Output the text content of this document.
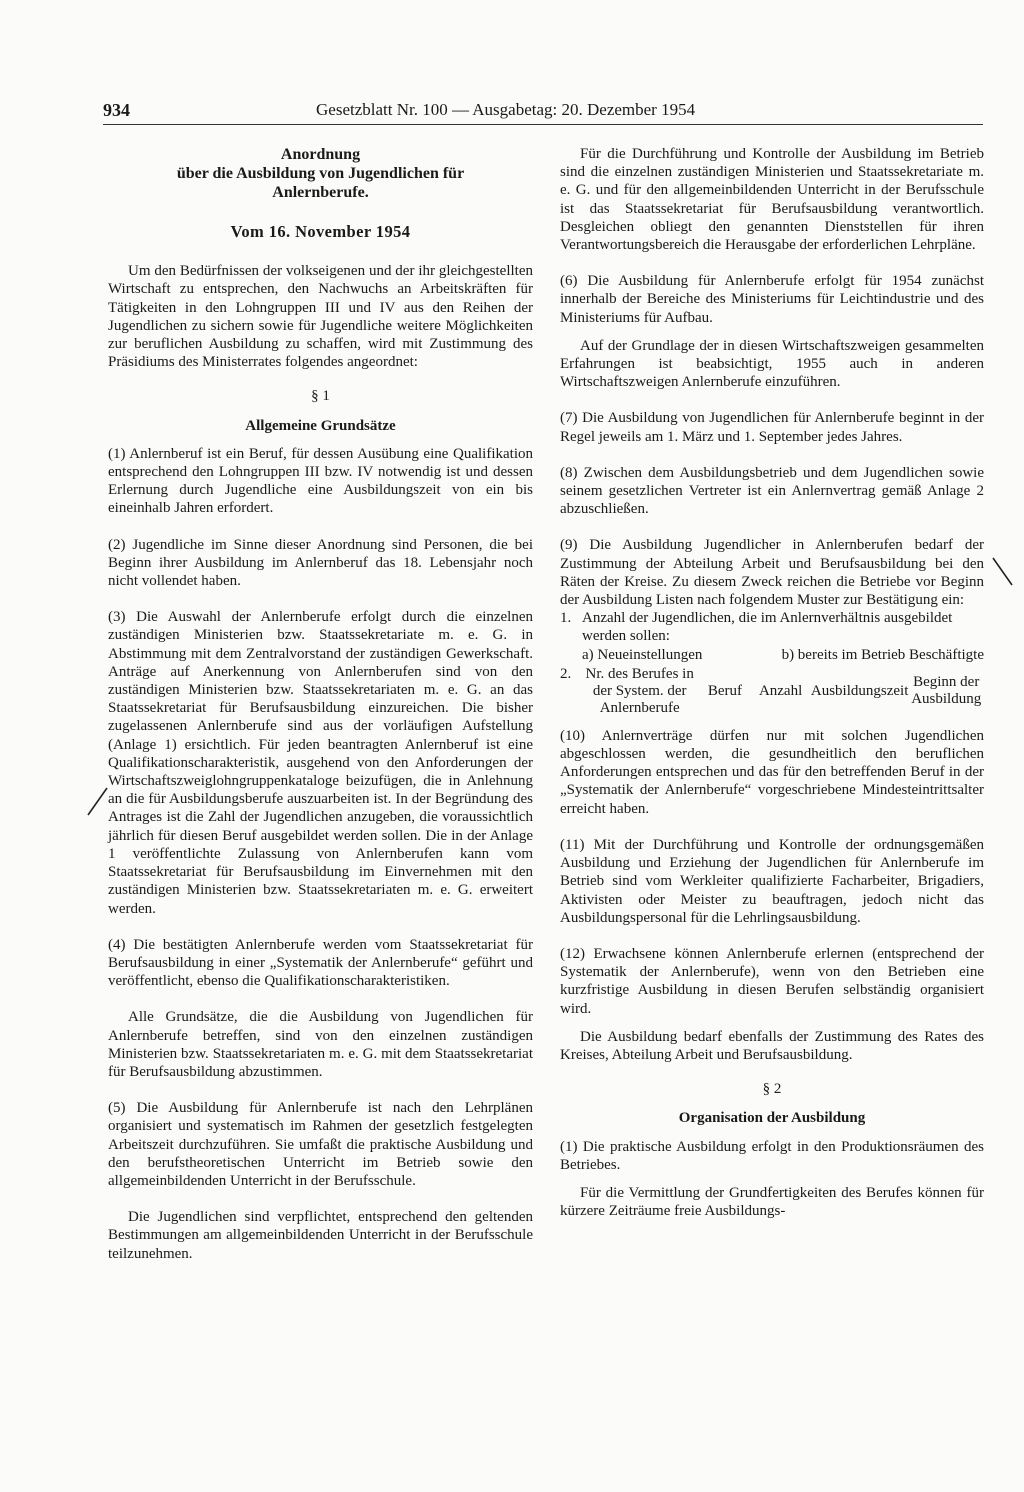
934	Gesetzblatt Nr. 100 — Ausgabetag: 20. Dezember 1954
Anordnung
über die Ausbildung von Jugendlichen für
Anlernberufe.
Vom 16. November 1954

Um den Bedürfnissen der volkseigenen und der ihr gleichgestellten Wirtschaft zu entsprechen, den Nachwuchs an Arbeitskräften für Tätigkeiten in den Lohngruppen III und IV aus den Reihen der Jugendlichen zu sichern sowie für Jugendliche weitere Möglichkeiten zur beruflichen Ausbildung zu schaffen, wird mit Zustimmung des Präsidiums des Ministerrates folgendes angeordnet:

§ 1
Allgemeine Grundsätze

(1) Anlernberuf ist ein Beruf, für dessen Ausübung eine Qualifikation entsprechend den Lohngruppen III bzw. IV notwendig ist und dessen Erlernung durch Jugendliche eine Ausbildungszeit von ein bis eineinhalb Jahren erfordert.

(2) Jugendliche im Sinne dieser Anordnung sind Personen, die bei Beginn ihrer Ausbildung im Anlernberuf das 18. Lebensjahr noch nicht vollendet haben.

(3) Die Auswahl der Anlernberufe erfolgt durch die einzelnen zuständigen Ministerien bzw. Staatssekretariate m. e. G. in Abstimmung mit dem Zentralvorstand der zuständigen Gewerkschaft. Anträge auf Anerkennung von Anlernberufen sind von den zuständigen Ministerien bzw. Staatssekretariaten m. e. G. an das Staatssekretariat für Berufsausbildung einzureichen. Die bisher zugelassenen Anlernberufe sind aus der vorläufigen Aufstellung (Anlage 1) ersichtlich. Für jeden beantragten Anlernberuf ist eine Qualifikationscharakteristik, ausgehend von den Anforderungen der Wirtschaftszweiglohngruppenkataloge beizufügen, die in Anlehnung an die für Ausbildungsberufe auszuarbeiten ist. In der Begründung des Antrages ist die Zahl der Jugendlichen anzugeben, die voraussichtlich jährlich für diesen Beruf ausgebildet werden sollen. Die in der Anlage 1 veröffentlichte Zulassung von Anlernberufen kann vom Staatssekretariat für Berufsausbildung im Einvernehmen mit den zuständigen Ministerien bzw. Staatssekretariaten m. e. G. erweitert werden.

(4) Die bestätigten Anlernberufe werden vom Staatssekretariat für Berufsausbildung in einer „Systematik der Anlernberufe“ geführt und veröffentlicht, ebenso die Qualifikationscharakteristiken.

Alle Grundsätze, die die Ausbildung von Jugendlichen für Anlernberufe betreffen, sind von den einzelnen zuständigen Ministerien bzw. Staatssekretariaten m. e. G. mit dem Staatssekretariat für Berufsausbildung abzustimmen.

(5) Die Ausbildung für Anlernberufe ist nach den Lehrplänen organisiert und systematisch im Rahmen der gesetzlich festgelegten Arbeitszeit durchzuführen. Sie umfaßt die praktische Ausbildung und den berufstheoretischen Unterricht im Betrieb sowie den allgemeinbildenden Unterricht in der Berufsschule.

Die Jugendlichen sind verpflichtet, entsprechend den geltenden Bestimmungen am allgemeinbildenden Unterricht in der Berufsschule teilzunehmen.

Für die Durchführung und Kontrolle der Ausbildung im Betrieb sind die einzelnen zuständigen Ministerien und Staatssekretariate m. e. G. und für den allgemeinbildenden Unterricht in der Berufsschule ist das Staatssekretariat für Berufsausbildung verantwortlich. Desgleichen obliegt den genannten Dienststellen für ihren Verantwortungsbereich die Herausgabe der erforderlichen Lehrpläne.

(6) Die Ausbildung für Anlernberufe erfolgt für 1954 zunächst innerhalb der Bereiche des Ministeriums für Leichtindustrie und des Ministeriums für Aufbau.

Auf der Grundlage der in diesen Wirtschaftszweigen gesammelten Erfahrungen ist beabsichtigt, 1955 auch in anderen Wirtschaftszweigen Anlernberufe einzuführen.

(7) Die Ausbildung von Jugendlichen für Anlernberufe beginnt in der Regel jeweils am 1. März und 1. September jedes Jahres.

(8) Zwischen dem Ausbildungsbetrieb und dem Jugendlichen sowie seinem gesetzlichen Vertreter ist ein Anlernvertrag gemäß Anlage 2 abzuschließen.

(9) Die Ausbildung Jugendlicher in Anlernberufen bedarf der Zustimmung der Abteilung Arbeit und Berufsausbildung bei den Räten der Kreise. Zu diesem Zweck reichen die Betriebe vor Beginn der Ausbildung Listen nach folgendem Muster zur Bestätigung ein:

1. Anzahl der Jugendlichen, die im Anlernverhältnis ausgebildet werden sollen:
a) Neueinstellungen	b) bereits im Betrieb Beschäftigte
2.	Nr. des Berufes in der System. der Anlernberufe	Beruf	Anzahl	Ausbildungszeit	Beginn der Ausbildung

(10) Anlernverträge dürfen nur mit solchen Jugendlichen abgeschlossen werden, die gesundheitlich den beruflichen Anforderungen entsprechen und das für den betreffenden Beruf in der „Systematik der Anlernberufe“ vorgeschriebene Mindesteintrittsalter erreicht haben.

(11) Mit der Durchführung und Kontrolle der ordnungsgemäßen Ausbildung und Erziehung der Jugendlichen für Anlernberufe im Betrieb sind vom Werkleiter qualifizierte Facharbeiter, Brigadiers, Aktivisten oder Meister zu beauftragen, jedoch nicht das Ausbildungspersonal für die Lehrlingsausbildung.

(12) Erwachsene können Anlernberufe erlernen (entsprechend der Systematik der Anlernberufe), wenn von den Betrieben eine kurzfristige Ausbildung in diesen Berufen selbständig organisiert wird.

Die Ausbildung bedarf ebenfalls der Zustimmung des Rates des Kreises, Abteilung Arbeit und Berufsausbildung.

§ 2
Organisation der Ausbildung

(1) Die praktische Ausbildung erfolgt in den Produktionsräumen des Betriebes.

Für die Vermittlung der Grundfertigkeiten des Berufes können für kürzere Zeiträume freie Ausbildungs-
